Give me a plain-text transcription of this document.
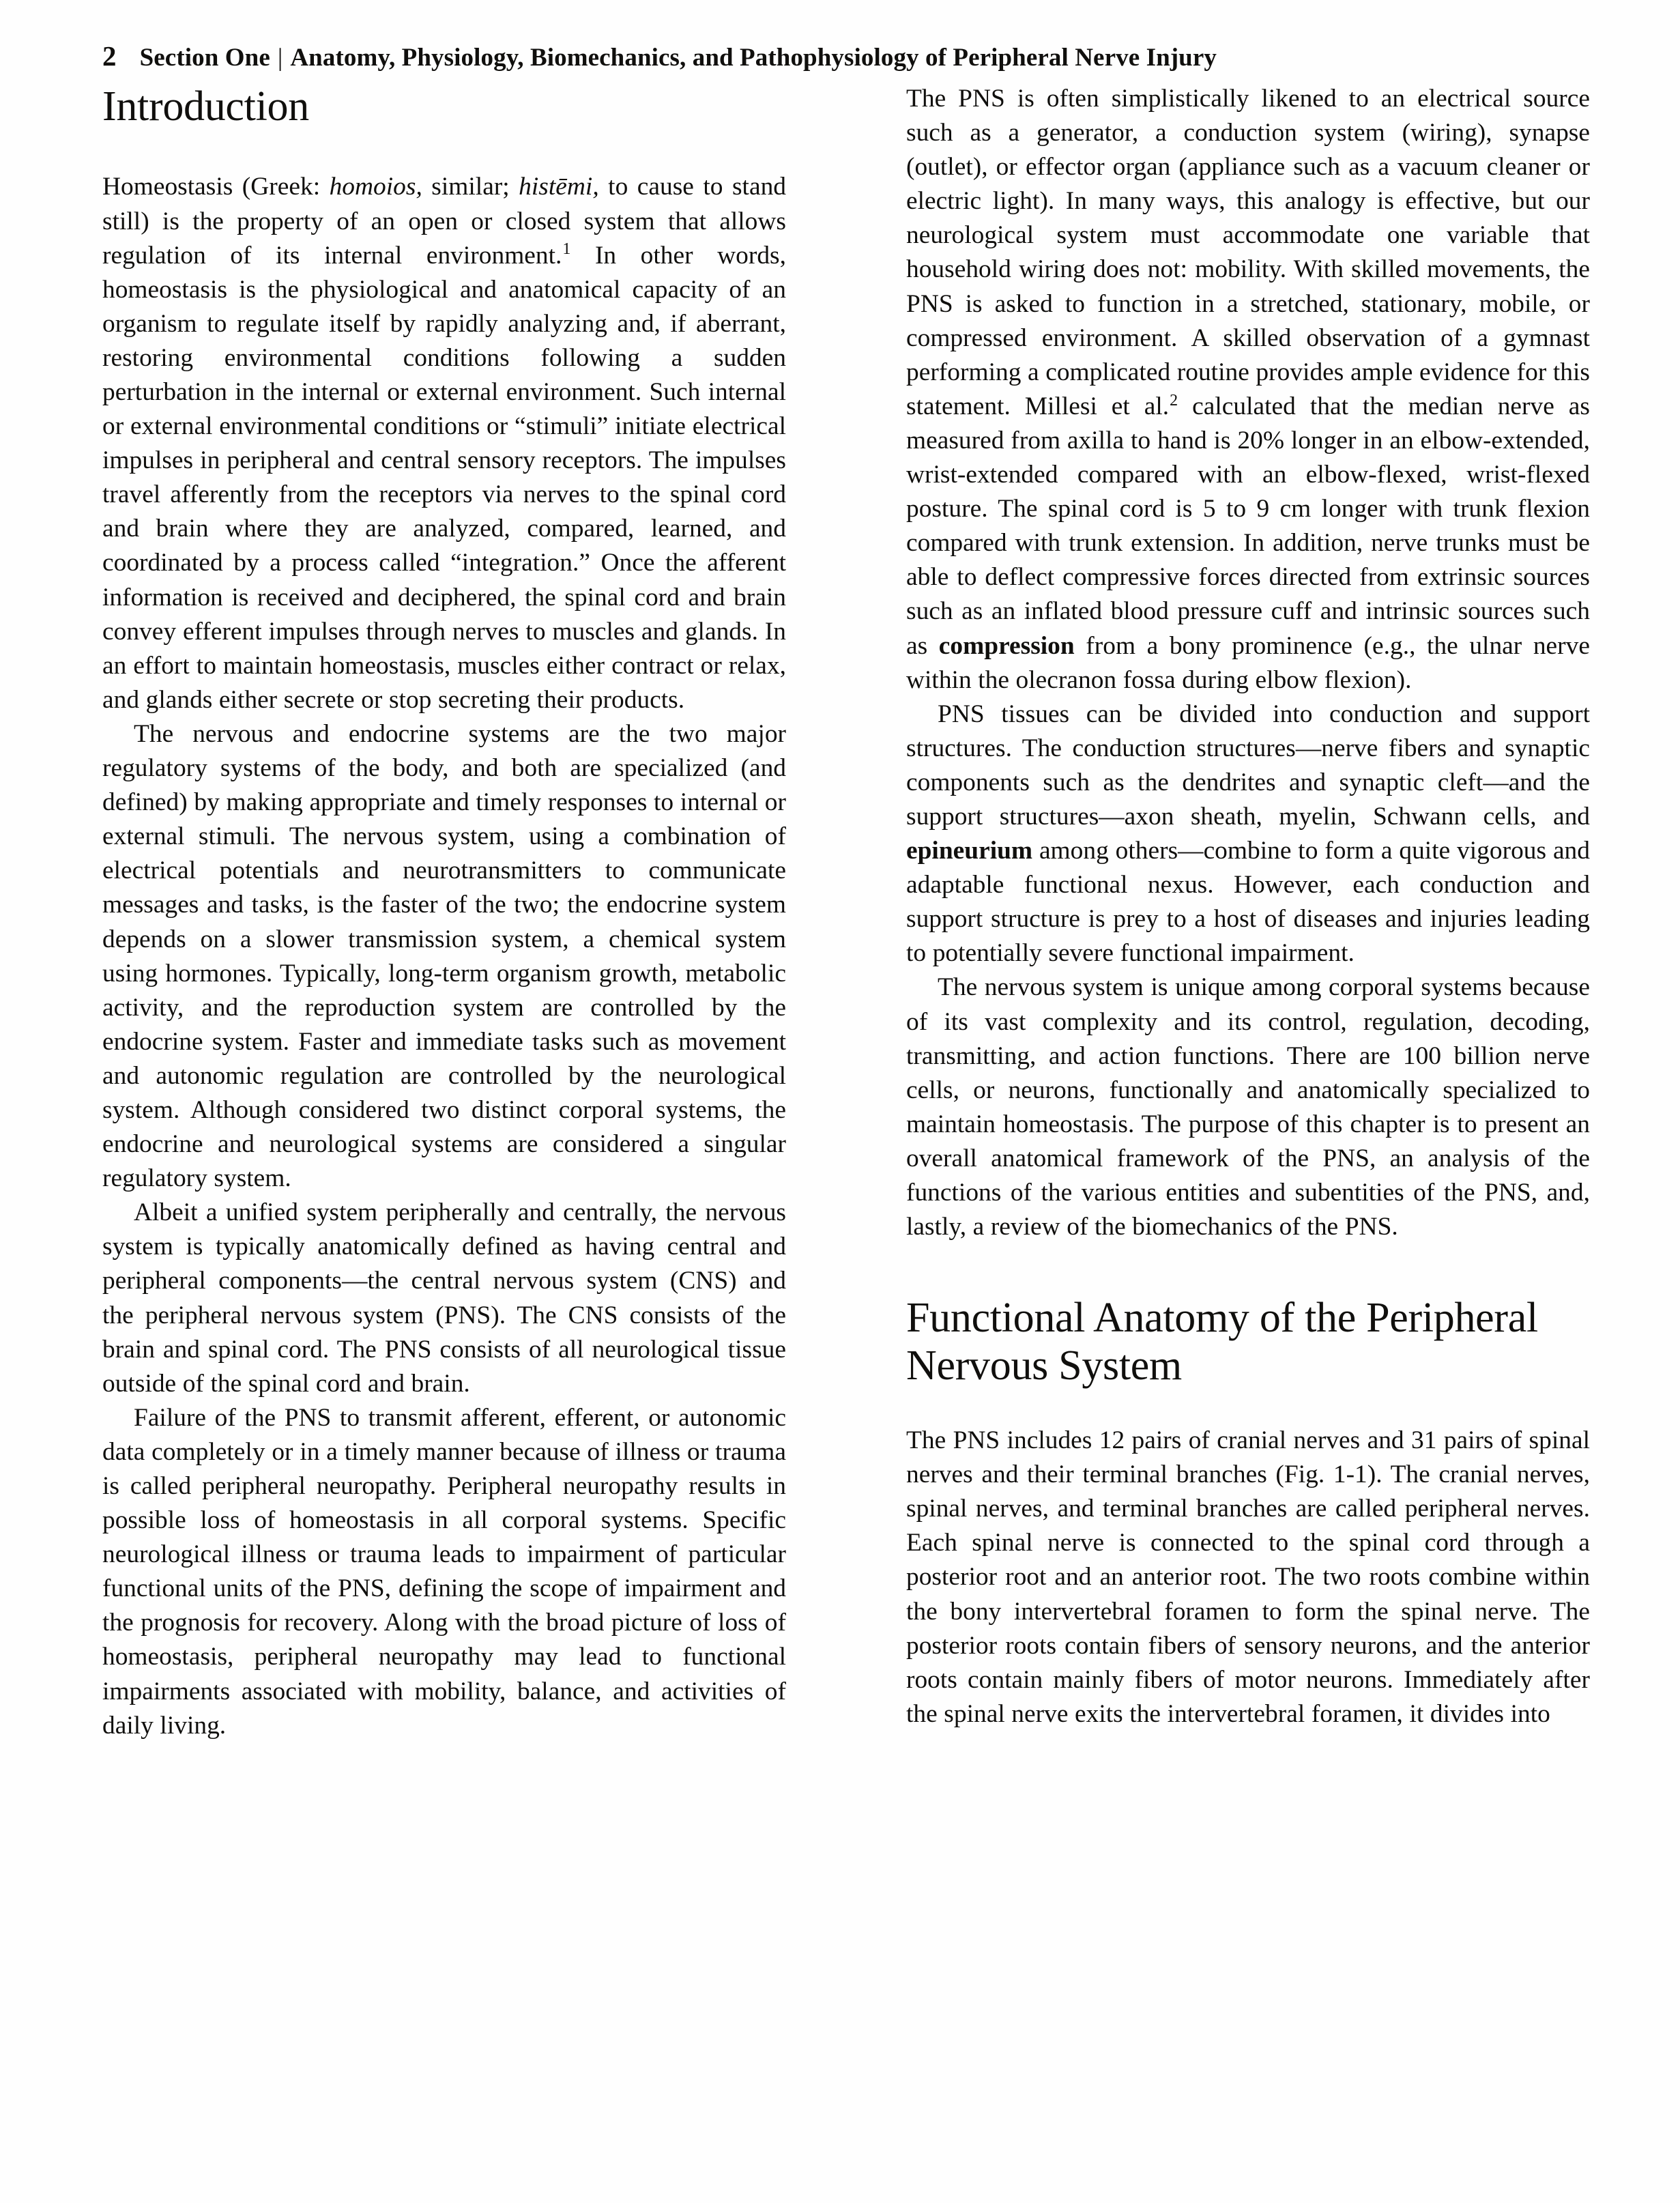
2 Section One | Anatomy, Physiology, Biomechanics, and Pathophysiology of Peripheral Nerve Injury
Introduction

Homeostasis (Greek: homoios, similar; histēmi, to cause to stand still) is the property of an open or closed system that allows regulation of its internal environment.$^1$ In other words, homeostasis is the physiological and anatomical capacity of an organism to regulate itself by rapidly analyzing and, if aberrant, restoring environmental conditions following a sudden perturbation in the internal or external environment. Such internal or external environmental conditions or “stimuli” initiate electrical impulses in peripheral and central sensory receptors. The impulses travel afferently from the receptors via nerves to the spinal cord and brain where they are analyzed, compared, learned, and coordinated by a process called “integration.” Once the afferent information is received and deciphered, the spinal cord and brain convey efferent impulses through nerves to muscles and glands. In an effort to maintain homeostasis, muscles either contract or relax, and glands either secrete or stop secreting their products.

The nervous and endocrine systems are the two major regulatory systems of the body, and both are specialized (and defined) by making appropriate and timely responses to internal or external stimuli. The nervous system, using a combination of electrical potentials and neurotransmitters to communicate messages and tasks, is the faster of the two; the endocrine system depends on a slower transmission system, a chemical system using hormones. Typically, long-term organism growth, metabolic activity, and the reproduction system are controlled by the endocrine system. Faster and immediate tasks such as movement and autonomic regulation are controlled by the neurological system. Although considered two distinct corporal systems, the endocrine and neurological systems are considered a singular regulatory system.

Albeit a unified system peripherally and centrally, the nervous system is typically anatomically defined as having central and peripheral components—the central nervous system (CNS) and the peripheral nervous system (PNS). The CNS consists of the brain and spinal cord. The PNS consists of all neurological tissue outside of the spinal cord and brain.

Failure of the PNS to transmit afferent, efferent, or autonomic data completely or in a timely manner because of illness or trauma is called peripheral neuropathy. Peripheral neuropathy results in possible loss of homeostasis in all corporal systems. Specific neurological illness or trauma leads to impairment of particular functional units of the PNS, defining the scope of impairment and the prognosis for recovery. Along with the broad picture of loss of homeostasis, peripheral neuropathy may lead to functional impairments associated with mobility, balance, and activities of daily living.

The PNS is often simplistically likened to an electrical source such as a generator, a conduction system (wiring), synapse (outlet), or effector organ (appliance such as a vacuum cleaner or electric light). In many ways, this analogy is effective, but our neurological system must accommodate one variable that household wiring does not: mobility. With skilled movements, the PNS is asked to function in a stretched, stationary, mobile, or compressed environment. A skilled observation of a gymnast performing a complicated routine provides ample evidence for this statement. Millesi et al.$^2$ calculated that the median nerve as measured from axilla to hand is 20% longer in an elbow-extended, wrist-extended compared with an elbow-flexed, wrist-flexed posture. The spinal cord is 5 to 9 cm longer with trunk flexion compared with trunk extension. In addition, nerve trunks must be able to deflect compressive forces directed from extrinsic sources such as an inflated blood pressure cuff and intrinsic sources such as compression from a bony prominence (e.g., the ulnar nerve within the olecranon fossa during elbow flexion).

PNS tissues can be divided into conduction and support structures. The conduction structures—nerve fibers and synaptic components such as the dendrites and synaptic cleft—and the support structures—axon sheath, myelin, Schwann cells, and epineurium among others—combine to form a quite vigorous and adaptable functional nexus. However, each conduction and support structure is prey to a host of diseases and injuries leading to potentially severe functional impairment.

The nervous system is unique among corporal systems because of its vast complexity and its control, regulation, decoding, transmitting, and action functions. There are 100 billion nerve cells, or neurons, functionally and anatomically specialized to maintain homeostasis. The purpose of this chapter is to present an overall anatomical framework of the PNS, an analysis of the functions of the various entities and subentities of the PNS, and, lastly, a review of the biomechanics of the PNS.

Functional Anatomy of the Peripheral Nervous System

The PNS includes 12 pairs of cranial nerves and 31 pairs of spinal nerves and their terminal branches (Fig. 1-1). The cranial nerves, spinal nerves, and terminal branches are called peripheral nerves. Each spinal nerve is connected to the spinal cord through a posterior root and an anterior root. The two roots combine within the bony intervertebral foramen to form the spinal nerve. The posterior roots contain fibers of sensory neurons, and the anterior roots contain mainly fibers of motor neurons. Immediately after the spinal nerve exits the intervertebral foramen, it divides into
